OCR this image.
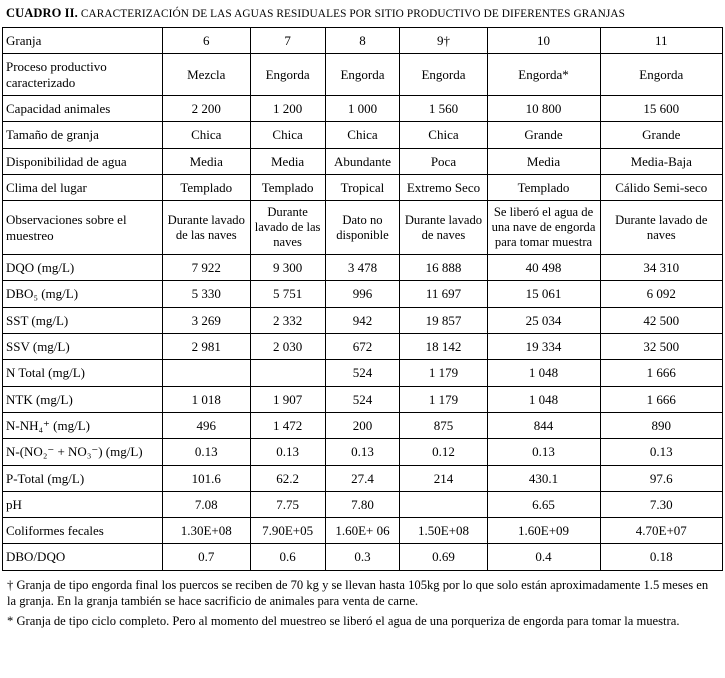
CUADRO II. CARACTERIZACIÓN DE LAS AGUAS RESIDUALES POR SITIO PRODUCTIVO DE DIFERENTES GRANJAS
Granja	6	7	8	9†	10	11
Proceso productivo caracterizado	Mezcla	Engorda	Engorda	Engorda	Engorda*	Engorda
Capacidad animales	2 200	1 200	1 000	1 560	10 800	15 600
Tamaño de granja	Chica	Chica	Chica	Chica	Grande	Grande
Disponibilidad de agua	Media	Media	Abundante	Poca	Media	Media-Baja
Clima del lugar	Templado	Templado	Tropical	Extremo Seco	Templado	Cálido Semi-seco
Observaciones sobre el muestreo	Durante lavado de las naves	Durante lavado de las naves	Dato no disponible	Durante lavado de naves	Se liberó el agua de una nave de engorda para tomar muestra	Durante lavado de naves
DQO (mg/L)	7 922	9 300	3 478	16 888	40 498	34 310
DBO₅ (mg/L)	5 330	5 751	996	11 697	15 061	6 092
SST (mg/L)	3 269	2 332	942	19 857	25 034	42 500
SSV (mg/L)	2 981	2 030	672	18 142	19 334	32 500
N Total (mg/L)			524	1 179	1 048	1 666
NTK (mg/L)	1 018	1 907	524	1 179	1 048	1 666
N-NH₄⁺ (mg/L)	496	1 472	200	875	844	890
N-(NO₂⁻ + NO₃⁻) (mg/L)	0.13	0.13	0.13	0.12	0.13	0.13
P-Total (mg/L)	101.6	62.2	27.4	214	430.1	97.6
pH	7.08	7.75	7.80		6.65	7.30
Coliformes fecales	1.30E+08	7.90E+05	1.60E+ 06	1.50E+08	1.60E+09	4.70E+07
DBO/DQO	0.7	0.6	0.3	0.69	0.4	0.18

† Granja de tipo engorda final los puercos se reciben de 70 kg y se llevan hasta 105kg por lo que solo están aproximadamente 1.5 meses en la granja. En la granja también se hace sacrificio de animales para venta de carne.

* Granja de tipo ciclo completo. Pero al momento del muestreo se liberó el agua de una porqueriza de engorda para tomar la muestra.
